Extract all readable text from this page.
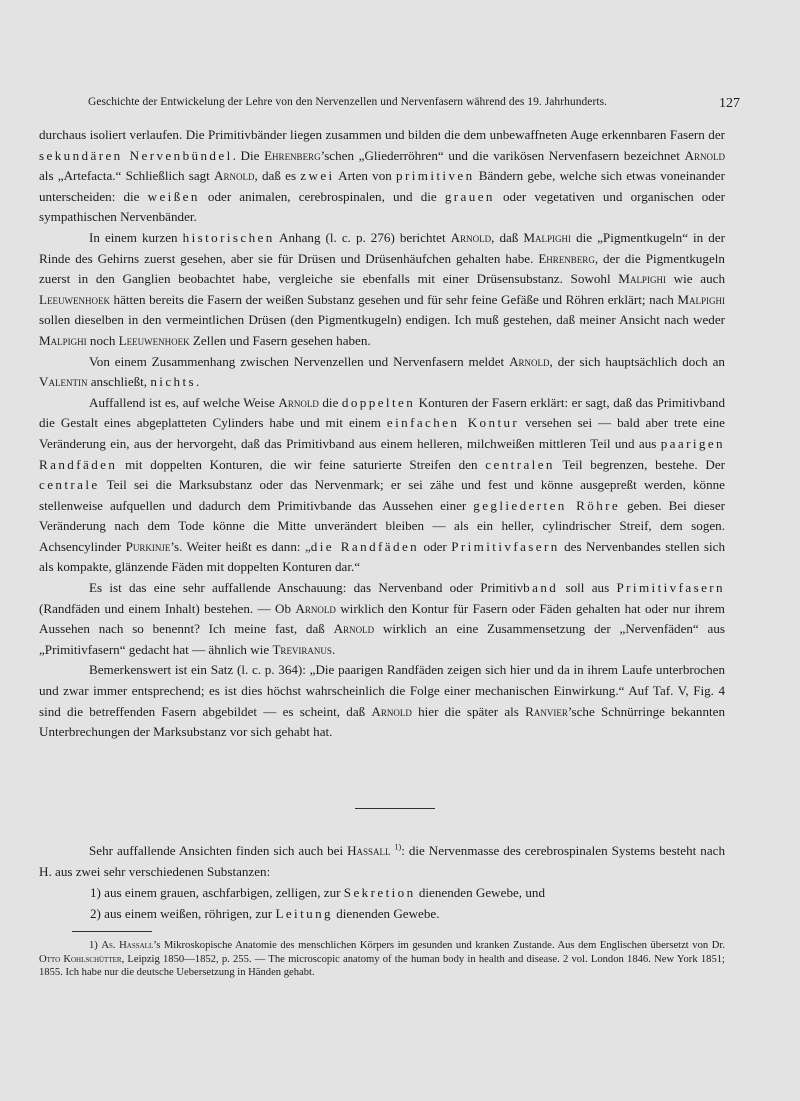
Geschichte der Entwickelung der Lehre von den Nervenzellen und Nervenfasern während des 19. Jahrhunderts.	127

durchaus isoliert verlaufen. Die Primitivbänder liegen zusammen und bilden die dem unbewaffneten Auge erkennbaren Fasern der sekundären Nervenbündel. Die Ehrenberg’schen „Gliederröhren“ und die varikösen Nervenfasern bezeichnet Arnold als „Artefacta.“ Schließlich sagt Arnold, daß es zwei Arten von primitiven Bändern gebe, welche sich etwas voneinander unterscheiden: die weißen oder animalen, cerebrospinalen, und die grauen oder vegetativen und organischen oder sympathischen Nervenbänder.

In einem kurzen historischen Anhang (l. c. p. 276) berichtet Arnold, daß Malpighi die „Pigmentkugeln“ in der Rinde des Gehirns zuerst gesehen, aber sie für Drüsen und Drüsenhäufchen gehalten habe. Ehrenberg, der die Pigmentkugeln zuerst in den Ganglien beobachtet habe, vergleiche sie ebenfalls mit einer Drüsensubstanz. Sowohl Malpighi wie auch Leeuwenhoek hätten bereits die Fasern der weißen Substanz gesehen und für sehr feine Gefäße und Röhren erklärt; nach Malpighi sollen dieselben in den vermeintlichen Drüsen (den Pigmentkugeln) endigen. Ich muß gestehen, daß meiner Ansicht nach weder Malpighi noch Leeuwenhoek Zellen und Fasern gesehen haben.

Von einem Zusammenhang zwischen Nervenzellen und Nervenfasern meldet Arnold, der sich hauptsächlich doch an Valentin anschließt, nichts.

Auffallend ist es, auf welche Weise Arnold die doppelten Konturen der Fasern erklärt: er sagt, daß das Primitivband die Gestalt eines abgeplatteten Cylinders habe und mit einem einfachen Kontur versehen sei — bald aber trete eine Veränderung ein, aus der hervorgeht, daß das Primitivband aus einem helleren, milchweißen mittleren Teil und aus paarigen Randfäden mit doppelten Konturen, die wir feine saturierte Streifen den centralen Teil begrenzen, bestehe. Der centrale Teil sei die Marksubstanz oder das Nervenmark; er sei zähe und fest und könne ausgepreßt werden, könne stellenweise aufquellen und dadurch dem Primitivbande das Aussehen einer gegliederten Röhre geben. Bei dieser Veränderung nach dem Tode könne die Mitte unverändert bleiben — als ein heller, cylindrischer Streif, dem sogen. Achsencylinder Purkinje’s. Weiter heißt es dann: „die Randfäden oder Primitivfasern des Nervenbandes stellen sich als kompakte, glänzende Fäden mit doppelten Konturen dar.“

Es ist das eine sehr auffallende Anschauung: das Nervenband oder Primitivband soll aus Primitivfasern (Randfäden und einem Inhalt) bestehen. — Ob Arnold wirklich den Kontur für Fasern oder Fäden gehalten hat oder nur ihrem Aussehen nach so benennt? Ich meine fast, daß Arnold wirklich an eine Zusammensetzung der „Nervenfäden“ aus „Primitivfasern“ gedacht hat — ähnlich wie Treviranus.

Bemerkenswert ist ein Satz (l. c. p. 364): „Die paarigen Randfäden zeigen sich hier und da in ihrem Laufe unterbrochen und zwar immer entsprechend; es ist dies höchst wahrscheinlich die Folge einer mechanischen Einwirkung.“ Auf Taf. V, Fig. 4 sind die betreffenden Fasern abgebildet — es scheint, daß Arnold hier die später als Ranvier’sche Schnürringe bekannten Unterbrechungen der Marksubstanz vor sich gehabt hat.

Sehr auffallende Ansichten finden sich auch bei Hassall $^{1)}$: die Nervenmasse des cerebrospinalen Systems besteht nach H. aus zwei sehr verschiedenen Substanzen:

1) aus einem grauen, aschfarbigen, zelligen, zur Sekretion dienenden Gewebe, und

2) aus einem weißen, röhrigen, zur Leitung dienenden Gewebe.

1) As. Hassall’s Mikroskopische Anatomie des menschlichen Körpers im gesunden und kranken Zustande. Aus dem Englischen übersetzt von Dr. Otto Kohlschütter, Leipzig 1850—1852, p. 255. — The microscopic anatomy of the human body in health and disease. 2 vol. London 1846. New York 1851; 1855. Ich habe nur die deutsche Uebersetzung in Händen gehabt.
